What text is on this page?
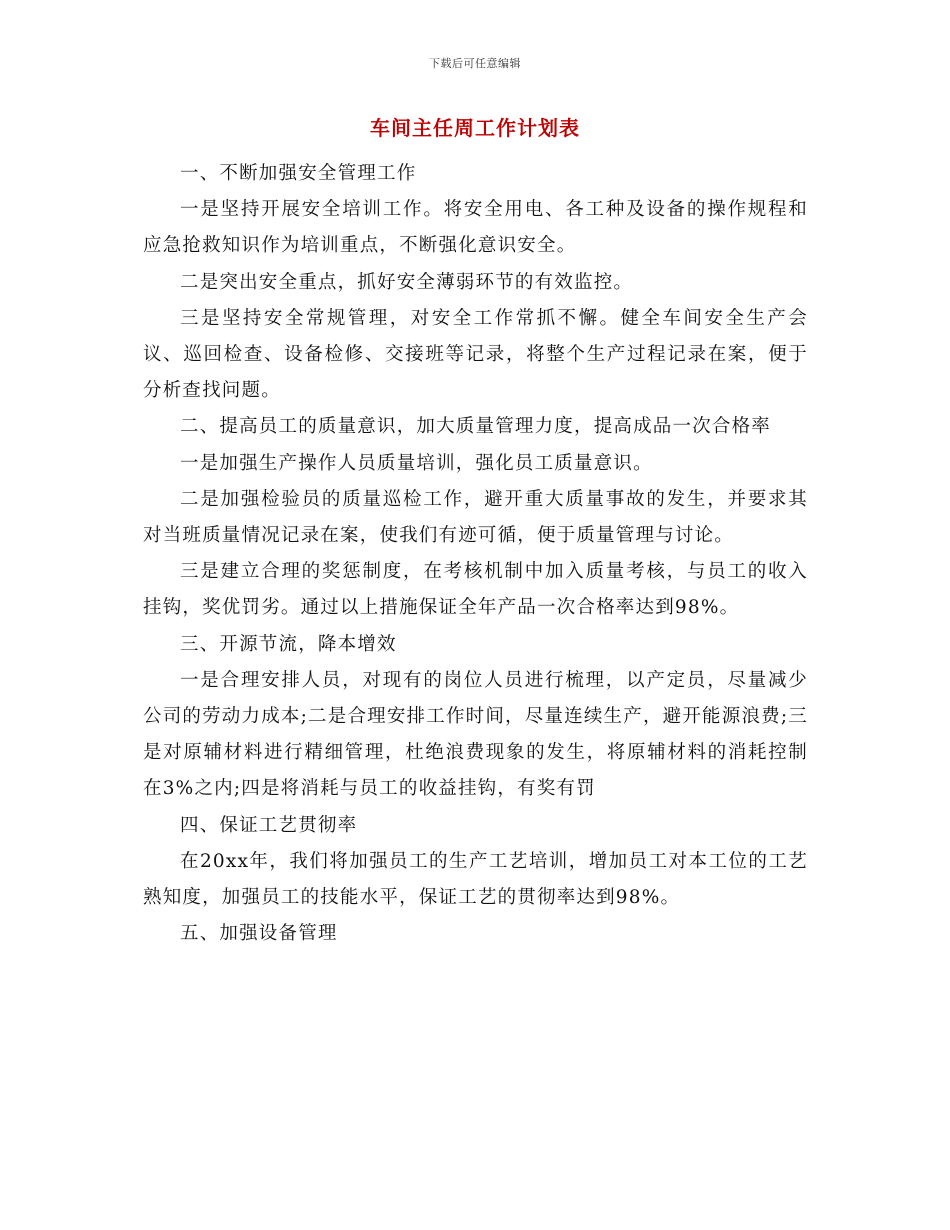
下载后可任意编辑
车间主任周工作计划表

一、不断加强安全管理工作

一是坚持开展安全培训工作。将安全用电、各工种及设备的操作规程和应急抢救知识作为培训重点，不断强化意识安全。

二是突出安全重点，抓好安全薄弱环节的有效监控。

三是坚持安全常规管理，对安全工作常抓不懈。健全车间安全生产会议、巡回检查、设备检修、交接班等记录，将整个生产过程记录在案，便于分析查找问题。

二、提高员工的质量意识，加大质量管理力度，提高成品一次合格率

一是加强生产操作人员质量培训，强化员工质量意识。

二是加强检验员的质量巡检工作，避开重大质量事故的发生，并要求其对当班质量情况记录在案，使我们有迹可循，便于质量管理与讨论。

三是建立合理的奖惩制度，在考核机制中加入质量考核，与员工的收入挂钩，奖优罚劣。通过以上措施保证全年产品一次合格率达到98%。

三、开源节流，降本增效

一是合理安排人员，对现有的岗位人员进行梳理，以产定员，尽量减少公司的劳动力成本;二是合理安排工作时间，尽量连续生产，避开能源浪费;三是对原辅材料进行精细管理，杜绝浪费现象的发生，将原辅材料的消耗控制在3%之内;四是将消耗与员工的收益挂钩，有奖有罚

四、保证工艺贯彻率

在20xx年，我们将加强员工的生产工艺培训，增加员工对本工位的工艺熟知度，加强员工的技能水平，保证工艺的贯彻率达到98%。

五、加强设备管理
